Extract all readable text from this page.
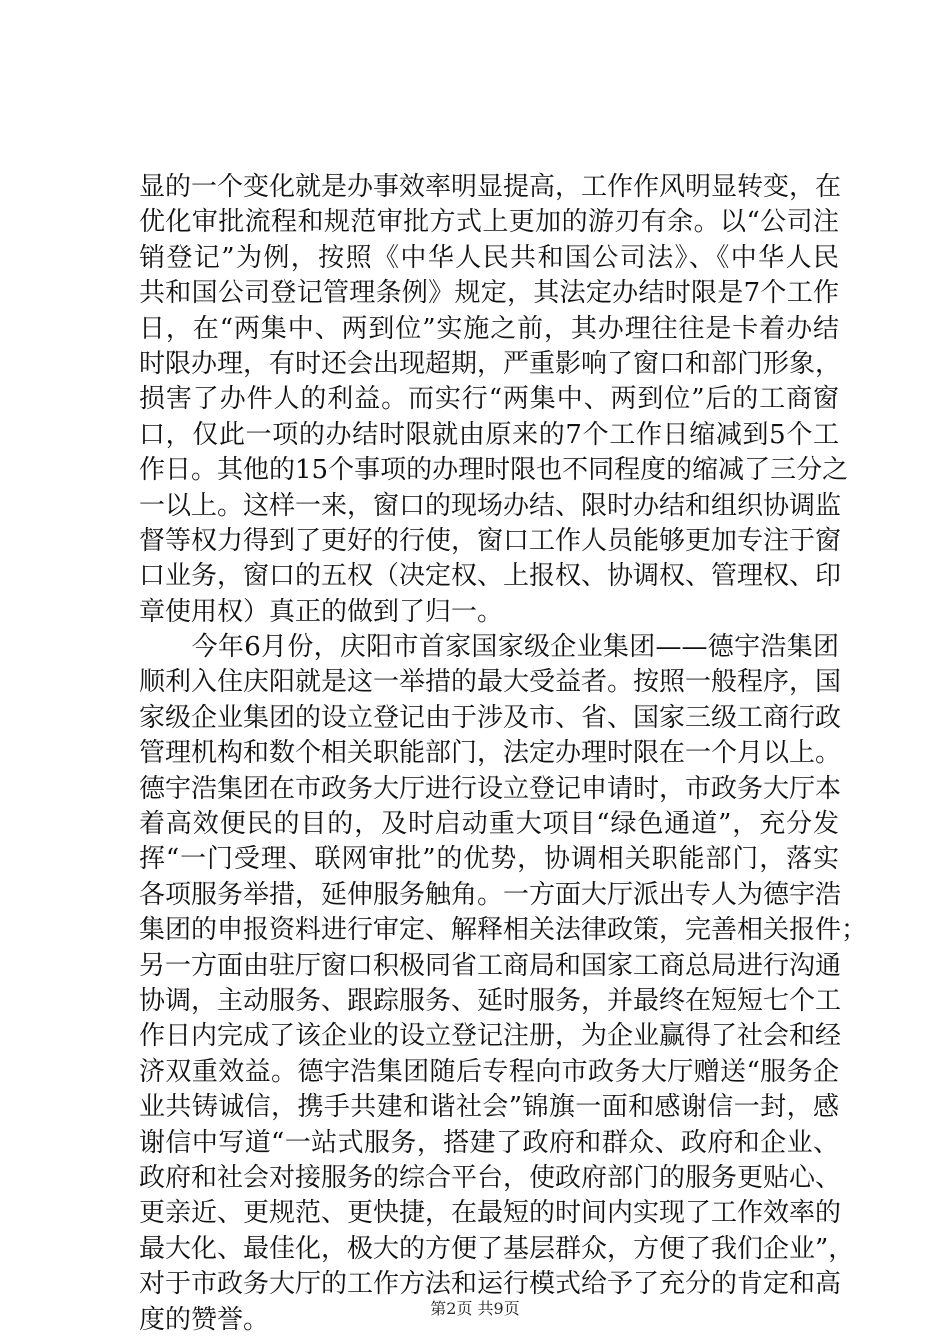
显的一个变化就是办事效率明显提高，工作作风明显转变，在
优化审批流程和规范审批方式上更加的游刃有余。以“公司注
销登记”为例，按照《中华人民共和国公司法》、《中华人民
共和国公司登记管理条例》规定，其法定办结时限是7个工作
日，在“两集中、两到位”实施之前，其办理往往是卡着办结
时限办理，有时还会出现超期，严重影响了窗口和部门形象，
损害了办件人的利益。而实行“两集中、两到位”后的工商窗
口，仅此一项的办结时限就由原来的7个工作日缩减到5个工
作日。其他的15个事项的办理时限也不同程度的缩减了三分之
一以上。这样一来，窗口的现场办结、限时办结和组织协调监
督等权力得到了更好的行使，窗口工作人员能够更加专注于窗
口业务，窗口的五权（决定权、上报权、协调权、管理权、印
章使用权）真正的做到了归一。
　　今年6月份，庆阳市首家国家级企业集团——德宇浩集团
顺利入住庆阳就是这一举措的最大受益者。按照一般程序，国
家级企业集团的设立登记由于涉及市、省、国家三级工商行政
管理机构和数个相关职能部门，法定办理时限在一个月以上。
德宇浩集团在市政务大厅进行设立登记申请时，市政务大厅本
着高效便民的目的，及时启动重大项目“绿色通道”，充分发
挥“一门受理、联网审批”的优势，协调相关职能部门，落实
各项服务举措，延伸服务触角。一方面大厅派出专人为德宇浩
集团的申报资料进行审定、解释相关法律政策，完善相关报件；
另一方面由驻厅窗口积极同省工商局和国家工商总局进行沟通
协调，主动服务、跟踪服务、延时服务，并最终在短短七个工
作日内完成了该企业的设立登记注册，为企业赢得了社会和经
济双重效益。德宇浩集团随后专程向市政务大厅赠送“服务企
业共铸诚信，携手共建和谐社会”锦旗一面和感谢信一封，感
谢信中写道“一站式服务，搭建了政府和群众、政府和企业、
政府和社会对接服务的综合平台，使政府部门的服务更贴心、
更亲近、更规范、更快捷，在最短的时间内实现了工作效率的
最大化、最佳化，极大的方便了基层群众，方便了我们企业”，
对于市政务大厅的工作方法和运行模式给予了充分的肯定和高
度的赞誉。	第2页 共9页
